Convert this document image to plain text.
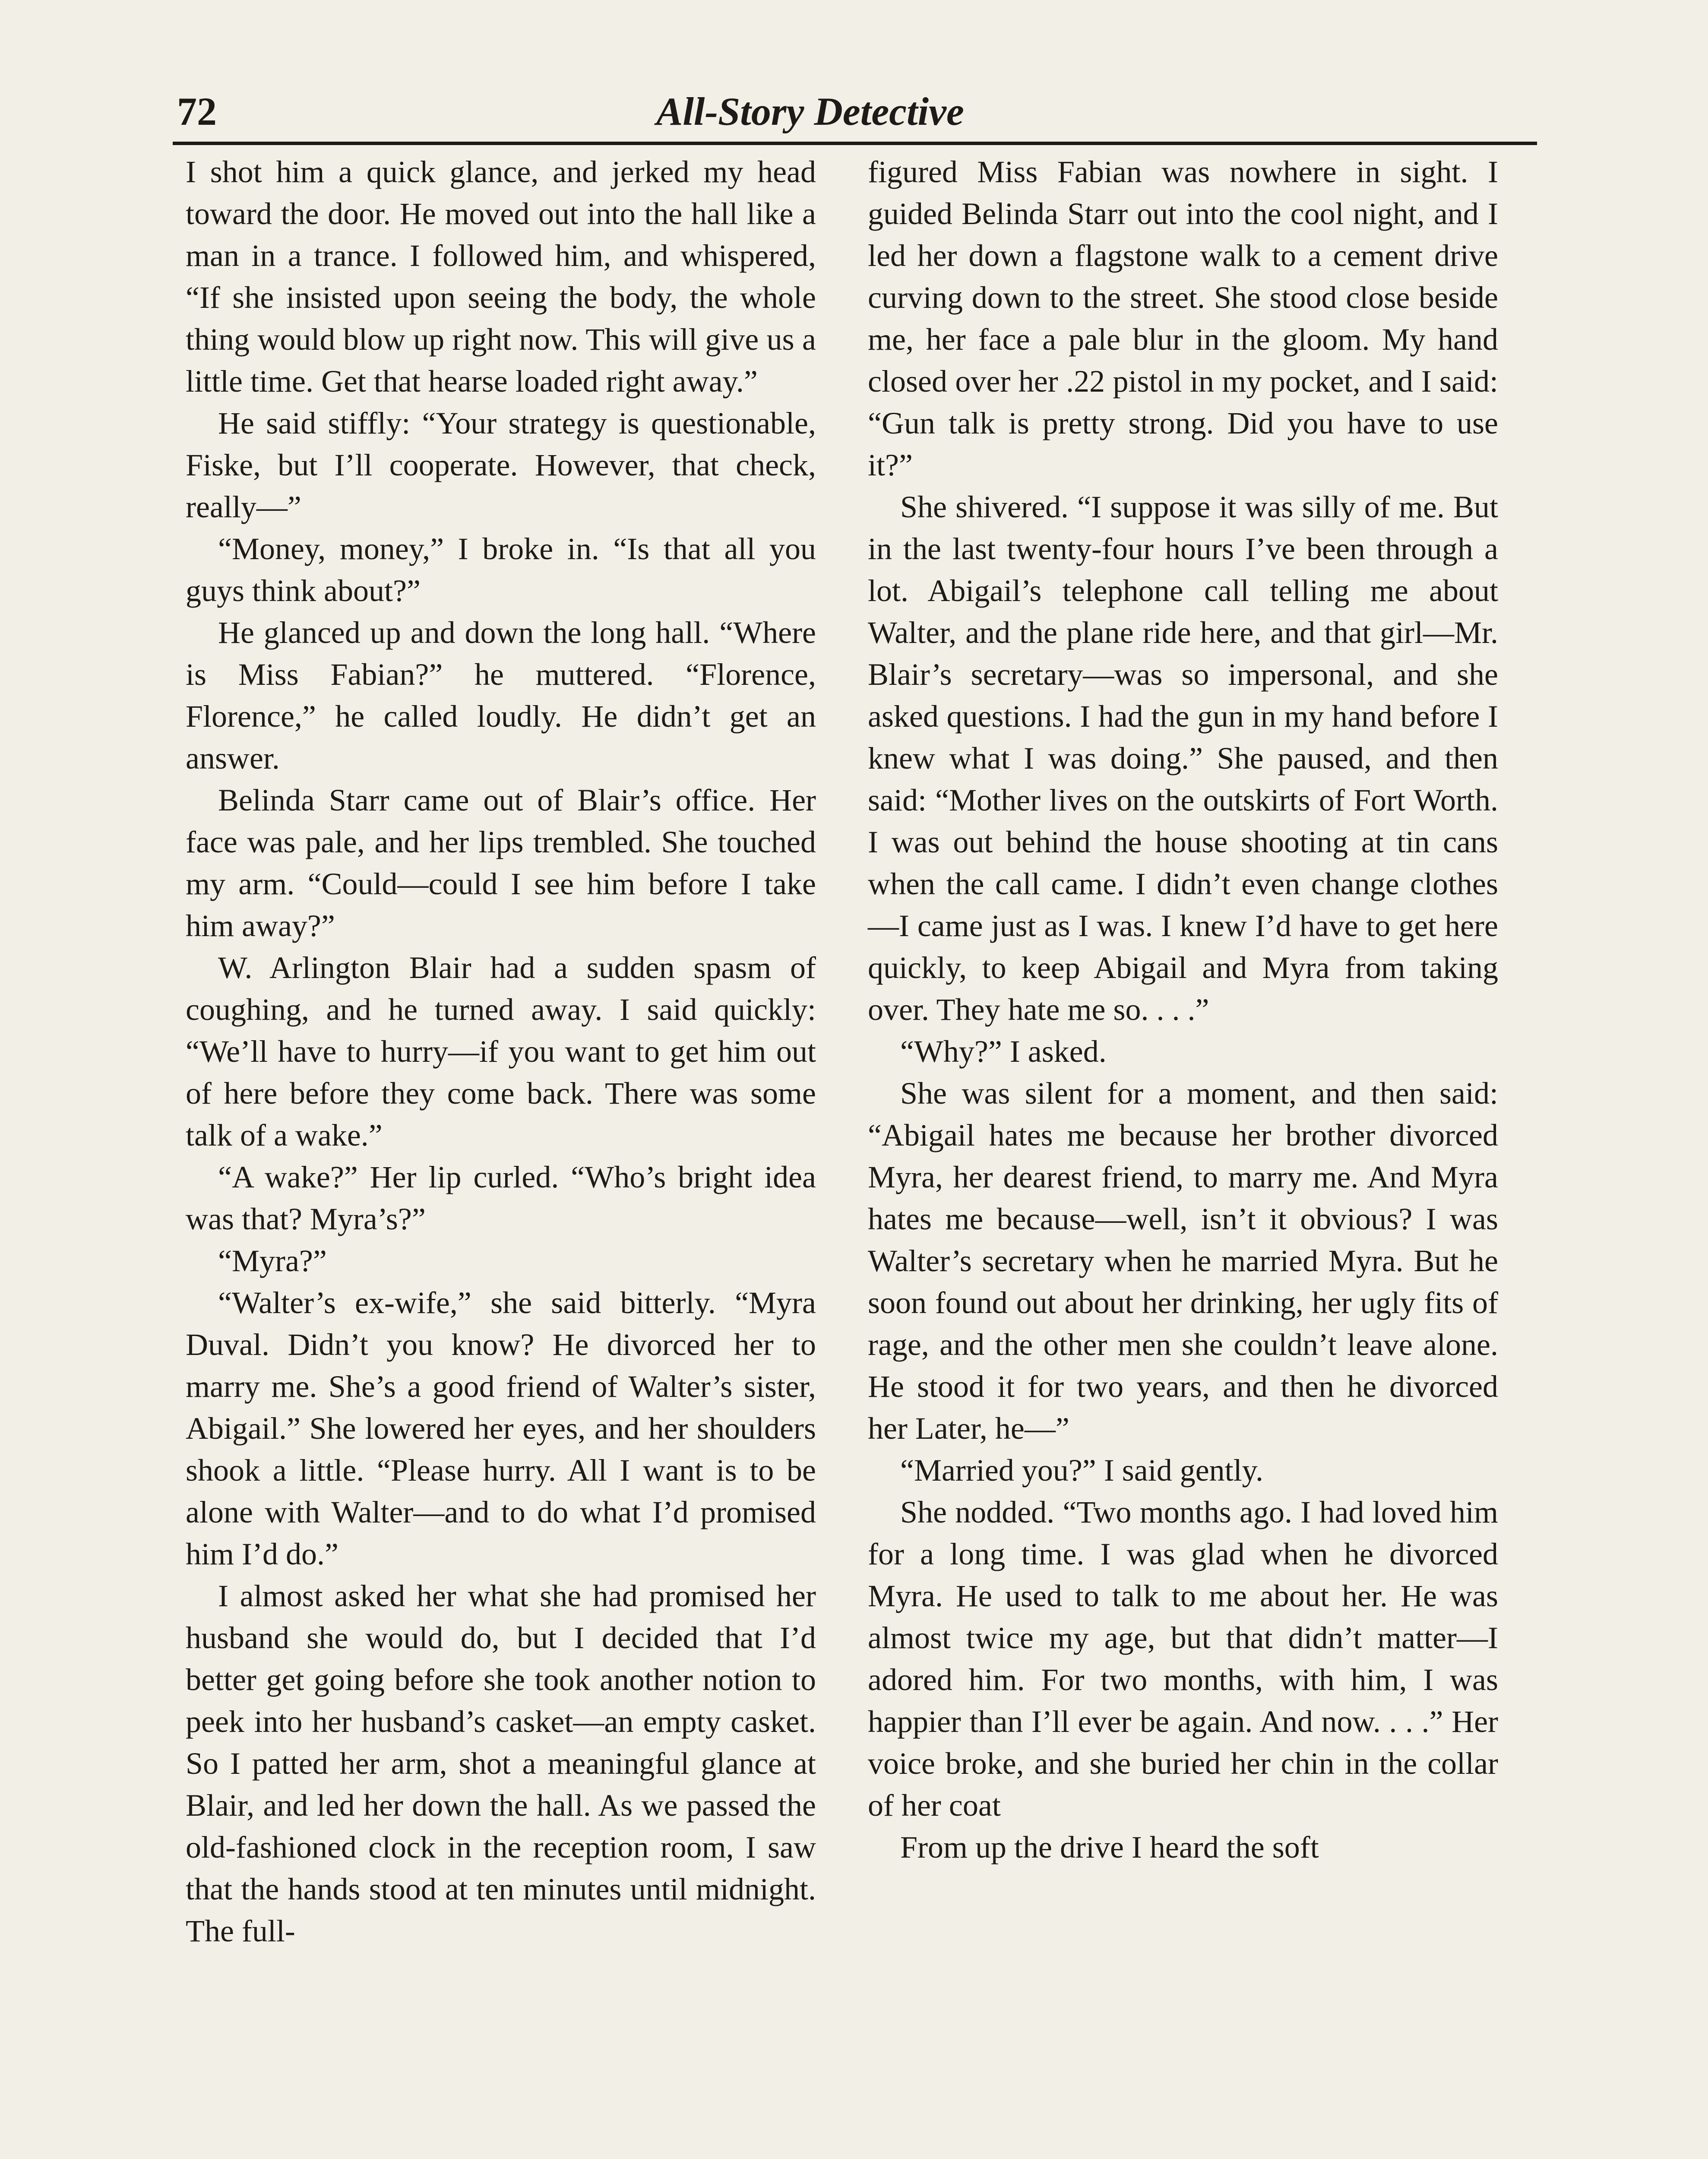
72	All-Story Detective

I shot him a quick glance, and jerked my head toward the door. He moved out into the hall like a man in a trance. I followed him, and whispered, “If she insisted upon seeing the body, the whole thing would blow up right now. This will give us a little time. Get that hearse loaded right away.”

He said stiffly: “Your strategy is questionable, Fiske, but I’ll cooperate. However, that check, really—”

“Money, money,” I broke in. “Is that all you guys think about?”

He glanced up and down the long hall. “Where is Miss Fabian?” he muttered. “Florence, Florence,” he called loudly. He didn’t get an answer.

Belinda Starr came out of Blair’s office. Her face was pale, and her lips trembled. She touched my arm. “Could—could I see him before I take him away?”

W. Arlington Blair had a sudden spasm of coughing, and he turned away. I said quickly: “We’ll have to hurry—if you want to get him out of here before they come back. There was some talk of a wake.”

“A wake?” Her lip curled. “Who’s bright idea was that? Myra’s?”

“Myra?”

“Walter’s ex-wife,” she said bitterly. “Myra Duval. Didn’t you know? He divorced her to marry me. She’s a good friend of Walter’s sister, Abigail.” She lowered her eyes, and her shoulders shook a little. “Please hurry. All I want is to be alone with Walter—and to do what I’d promised him I’d do.”

I almost asked her what she had promised her husband she would do, but I decided that I’d better get going before she took another notion to peek into her husband’s casket—an empty casket. So I patted her arm, shot a meaningful glance at Blair, and led her down the hall. As we passed the old-fashioned clock in the reception room, I saw that the hands stood at ten minutes until midnight. The full-

figured Miss Fabian was nowhere in sight. I guided Belinda Starr out into the cool night, and I led her down a flagstone walk to a cement drive curving down to the street. She stood close beside me, her face a pale blur in the gloom. My hand closed over her .22 pistol in my pocket, and I said: “Gun talk is pretty strong. Did you have to use it?”

She shivered. “I suppose it was silly of me. But in the last twenty-four hours I’ve been through a lot. Abigail’s telephone call telling me about Walter, and the plane ride here, and that girl—Mr. Blair’s secretary—was so impersonal, and she asked questions. I had the gun in my hand before I knew what I was doing.” She paused, and then said: “Mother lives on the outskirts of Fort Worth. I was out behind the house shooting at tin cans when the call came. I didn’t even change clothes—I came just as I was. I knew I’d have to get here quickly, to keep Abigail and Myra from taking over. They hate me so. . . .”

“Why?” I asked.

She was silent for a moment, and then said: “Abigail hates me because her brother divorced Myra, her dearest friend, to marry me. And Myra hates me because—well, isn’t it obvious? I was Walter’s secretary when he married Myra. But he soon found out about her drinking, her ugly fits of rage, and the other men she couldn’t leave alone. He stood it for two years, and then he divorced her Later, he—”

“Married you?” I said gently.

She nodded. “Two months ago. I had loved him for a long time. I was glad when he divorced Myra. He used to talk to me about her. He was almost twice my age, but that didn’t matter—I adored him. For two months, with him, I was happier than I’ll ever be again. And now. . . .” Her voice broke, and she buried her chin in the collar of her coat

From up the drive I heard the soft
